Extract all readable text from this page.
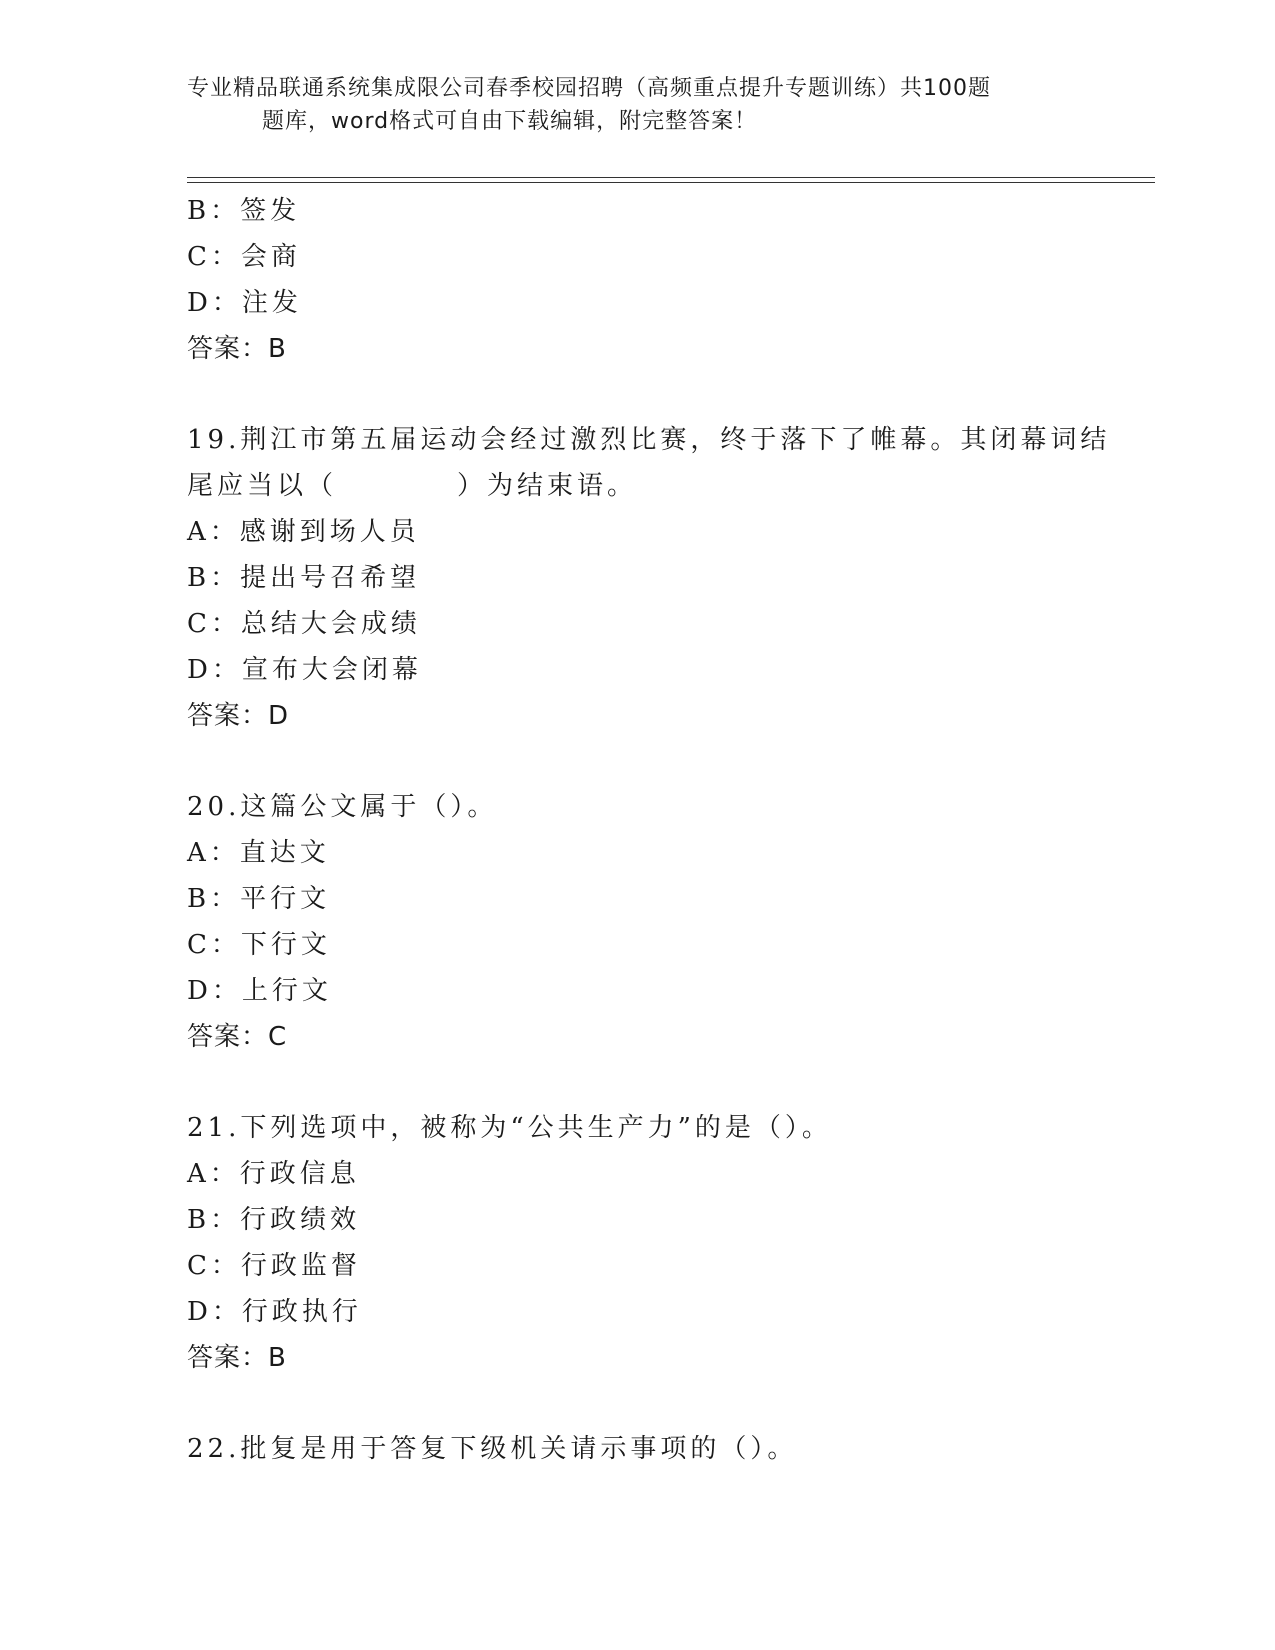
专业精品联通系统集成限公司春季校园招聘（高频重点提升专题训练）共100题
题库，word格式可自由下载编辑，附完整答案！
B：签发
C：会商
D：注发
答案：B
19.荆江市第五届运动会经过激烈比赛，终于落下了帷幕。其闭幕词结
尾应当以（　　　　）为结束语。
A：感谢到场人员
B：提出号召希望
C：总结大会成绩
D：宣布大会闭幕
答案：D
20.这篇公文属于（）。
A：直达文
B：平行文
C：下行文
D：上行文
答案：C
21.下列选项中，被称为“公共生产力”的是（）。
A：行政信息
B：行政绩效
C：行政监督
D：行政执行
答案：B
22.批复是用于答复下级机关请示事项的（）。
